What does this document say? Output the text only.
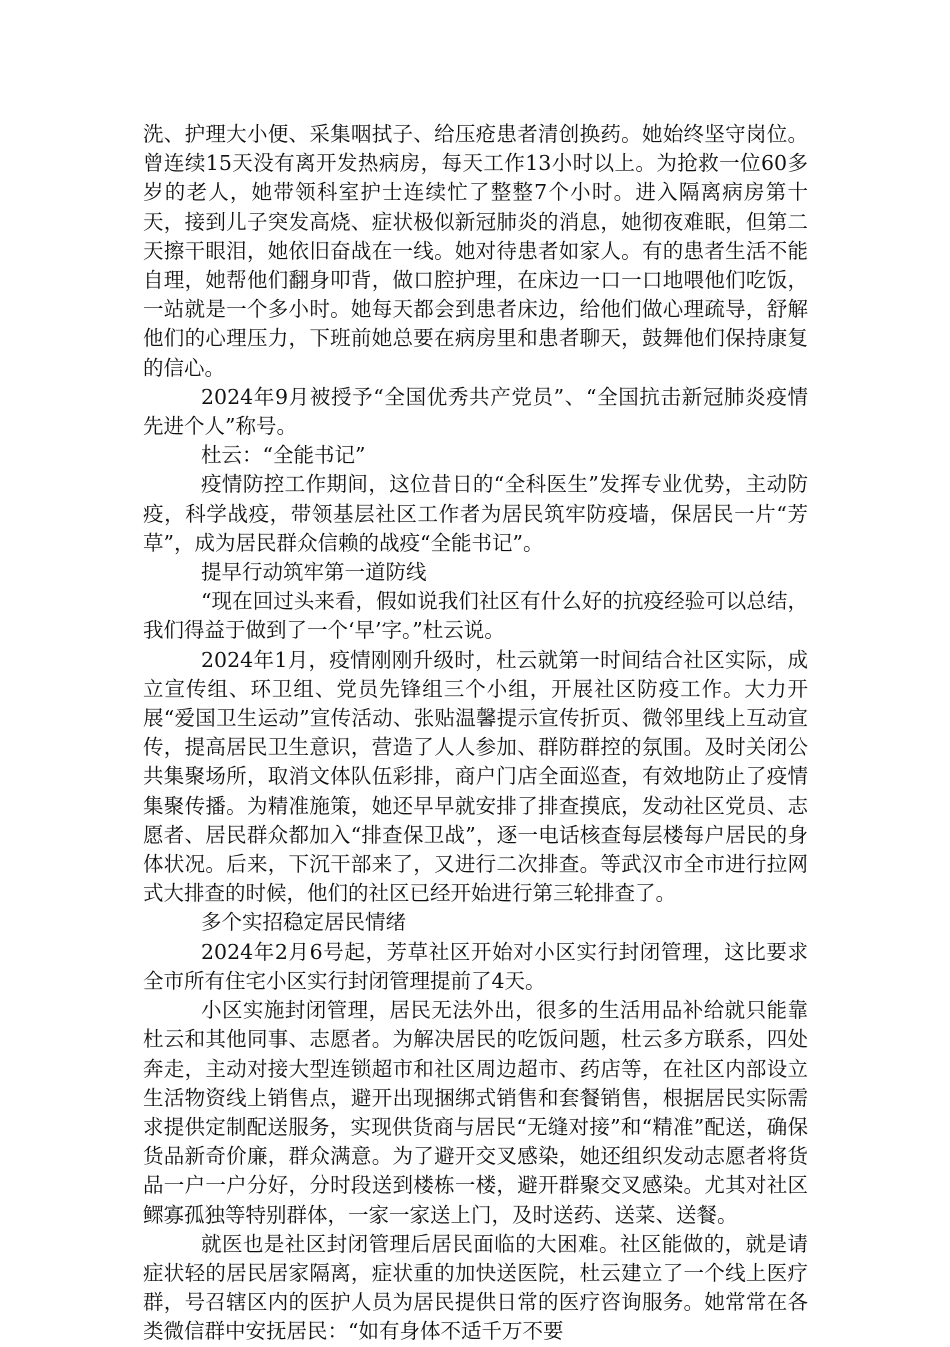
洗、护理大小便、采集咽拭子、给压疮患者清创换药。她始终坚守岗位。曾连续15天没有离开发热病房，每天工作13小时以上。为抢救一位60多岁的老人，她带领科室护士连续忙了整整7个小时。进入隔离病房第十天，接到儿子突发高烧、症状极似新冠肺炎的消息，她彻夜难眠，但第二天擦干眼泪，她依旧奋战在一线。她对待患者如家人。有的患者生活不能自理，她帮他们翻身叩背，做口腔护理，在床边一口一口地喂他们吃饭，一站就是一个多小时。她每天都会到患者床边，给他们做心理疏导，舒解他们的心理压力，下班前她总要在病房里和患者聊天，鼓舞他们保持康复的信心。

2024年9月被授予“全国优秀共产党员”、“全国抗击新冠肺炎疫情先进个人”称号。

杜云：“全能书记”

疫情防控工作期间，这位昔日的“全科医生”发挥专业优势，主动防疫，科学战疫，带领基层社区工作者为居民筑牢防疫墙，保居民一片“芳草”，成为居民群众信赖的战疫“全能书记”。

提早行动筑牢第一道防线

“现在回过头来看，假如说我们社区有什么好的抗疫经验可以总结，我们得益于做到了一个‘早’字。”杜云说。

2024年1月，疫情刚刚升级时，杜云就第一时间结合社区实际，成立宣传组、环卫组、党员先锋组三个小组，开展社区防疫工作。大力开展“爱国卫生运动”宣传活动、张贴温馨提示宣传折页、微邻里线上互动宣传，提高居民卫生意识，营造了人人参加、群防群控的氛围。及时关闭公共集聚场所，取消文体队伍彩排，商户门店全面巡查，有效地防止了疫情集聚传播。为精准施策，她还早早就安排了排查摸底，发动社区党员、志愿者、居民群众都加入“排查保卫战”，逐一电话核查每层楼每户居民的身体状况。后来，下沉干部来了，又进行二次排查。等武汉市全市进行拉网式大排查的时候，他们的社区已经开始进行第三轮排查了。

多个实招稳定居民情绪

2024年2月6号起，芳草社区开始对小区实行封闭管理，这比要求全市所有住宅小区实行封闭管理提前了4天。

小区实施封闭管理，居民无法外出，很多的生活用品补给就只能靠杜云和其他同事、志愿者。为解决居民的吃饭问题，杜云多方联系，四处奔走，主动对接大型连锁超市和社区周边超市、药店等，在社区内部设立生活物资线上销售点，避开出现捆绑式销售和套餐销售，根据居民实际需求提供定制配送服务，实现供货商与居民“无缝对接”和“精准”配送，确保货品新奇价廉，群众满意。为了避开交叉感染，她还组织发动志愿者将货品一户一户分好，分时段送到楼栋一楼，避开群聚交叉感染。尤其对社区鳏寡孤独等特别群体，一家一家送上门，及时送药、送菜、送餐。

就医也是社区封闭管理后居民面临的大困难。社区能做的，就是请症状轻的居民居家隔离，症状重的加快送医院，杜云建立了一个线上医疗群，号召辖区内的医护人员为居民提供日常的医疗咨询服务。她常常在各类微信群中安抚居民：“如有身体不适千万不要
